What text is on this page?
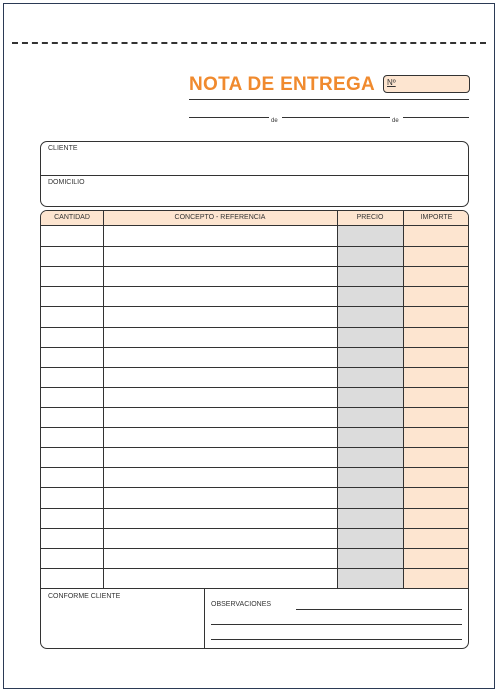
NOTA DE ENTREGA Nº
de	de
CLIENTE
DOMICILIO
CANTIDAD	CONCEPTO - REFERENCIA	PRECIO	IMPORTE
CONFORME CLIENTE
OBSERVACIONES
